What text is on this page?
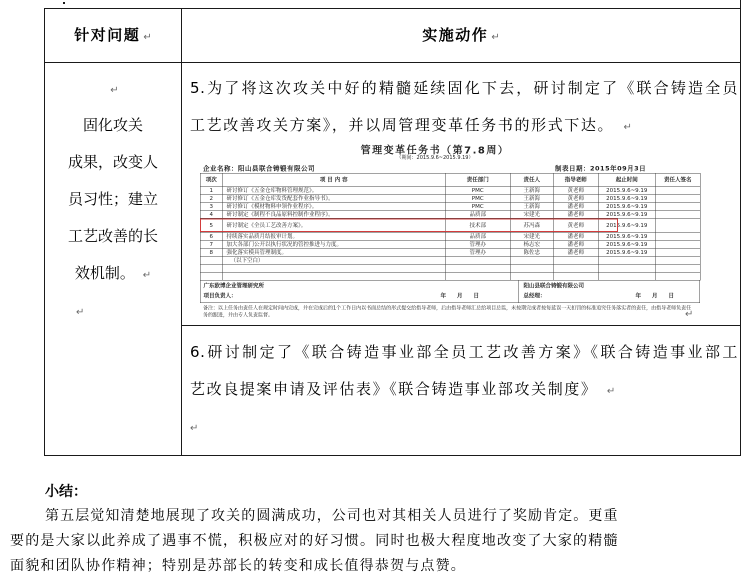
针对问题 ↵	实施动作 ↵
↵
固化攻关
成果，改变人
员习性；建立
工艺改善的长
效机制。 ↵
↵
5.为了将这次攻关中好的精髓延续固化下去，研讨制定了《联合铸造全员
工艺改善攻关方案》，并以周管理变革任务书的形式下达。 ↵
管理变革任务书（第7.8周）
（期间：2015.9.6~2015.9.19）
企业名称：阳山县联合铸锻有限公司	制表日期：2015年09月3日
项次	项 目 内 容	责任部门	责任人	指导老师	起止时间	责任人签名
1	研讨修订《五金仓库物料管理规范》。	PMC	王新海	黄老师	2015.9.6~9.19	
2	研讨修订《五金仓库发货配套作业指导书》。	PMC	王新海	黄老师	2015.9.6~9.19	
3	研讨修订《模材物料申领作业程序》。	PMC	王新海	潘老师	2015.9.6~9.19	
4	研讨制定《制程不良品原料控制作业程序》。	品质部	宋建光	潘老师	2015.9.6~9.19	
5	研讨制定《全员工艺改善方案》。	技术部	苏冯森	黄老师	2015.9.6~9.19	
6	持续落实品质月结报审计划。	品质部	宋建光	潘老师	2015.9.6~9.19	
7	加大各部门公开以执行状况的管控推进与力度。	管理办	杨志宏	潘老师	2015.9.6~9.19	
8	强化落实模具管理制度。	管理办	陈佐忠	潘老师	2015.9.6~9.19	
	（以下空白）					

广东欧博企业管理研究所
项目负责人：	年　　月　　日
阳山县联合铸锻有限公司
总经理：	年　　月　　日
备注：以上任务由责任人在规定时间内完成，并在完成后的1个工作日内以书面总结的形式提交给指导老师，后由指导老师汇总给项目总监，未按期完成者按每延误一天扣罚的标准追究任务落实者的责任，由指导老师负责任务的跟进，并由专人负责监督。	↵
6.研讨制定了《联合铸造事业部全员工艺改善方案》《联合铸造事业部工
艺改良提案申请及评估表》《联合铸造事业部攻关制度》 ↵
↵
小结：
第五层觉知清楚地展现了攻关的圆满成功，公司也对其相关人员进行了奖励肯定。更重
要的是大家以此养成了遇事不慌，积极应对的好习惯。同时也极大程度地改变了大家的精髓
面貌和团队协作精神；特别是苏部长的转变和成长值得恭贺与点赞。
